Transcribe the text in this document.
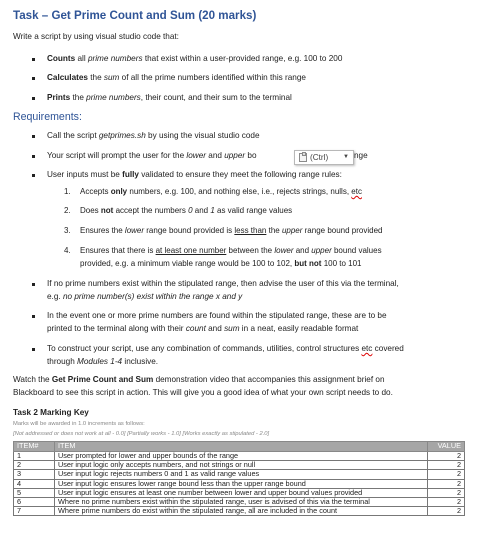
Task – Get Prime Count and Sum (20 marks)
Write a script by using visual studio code that:
Counts all prime numbers that exist within a user-provided range, e.g. 100 to 200
Calculates the sum of all the prime numbers identified within this range
Prints the prime numbers, their count, and their sum to the terminal
Requirements:
Call the script getprimes.sh by using the visual studio code
Your script will prompt the user for the lower and upper bo	nge
(Ctrl) ▼
User inputs must be fully validated to ensure they meet the following range rules:
1. Accepts only numbers, e.g. 100, and nothing else, i.e., rejects strings, nulls, etc
2. Does not accept the numbers 0 and 1 as valid range values
3. Ensures the lower range bound provided is less than the upper range bound provided
4. Ensures that there is at least one number between the lower and upper bound values
provided, e.g. a minimum viable range would be 100 to 102, but not 100 to 101
If no prime numbers exist within the stipulated range, then advise the user of this via the terminal,
e.g. no prime number(s) exist within the range x and y
In the event one or more prime numbers are found within the stipulated range, these are to be
printed to the terminal along with their count and sum in a neat, easily readable format
To construct your script, use any combination of commands, utilities, control structures etc covered
through Modules 1-4 inclusive.
Watch the Get Prime Count and Sum demonstration video that accompanies this assignment brief on
Blackboard to see this script in action. This will give you a good idea of what your own script needs to do.
Task 2 Marking Key
Marks will be awarded in 1.0 increments as follows:
[Not addressed or does not work at all - 0.0] [Partially works - 1.0] [Works exactly as stipulated - 2.0]
ITEM#	ITEM	VALUE
1	User prompted for lower and upper bounds of the range	2
2	User input logic only accepts numbers, and not strings or null	2
3	User input logic rejects numbers 0 and 1 as valid range values	2
4	User input logic ensures lower range bound less than the upper range bound	2
5	User input logic ensures at least one number between lower and upper bound values provided	2
6	Where no prime numbers exist within the stipulated range, user is advised of this via the terminal	2
7	Where prime numbers do exist within the stipulated range, all are included in the count	2
